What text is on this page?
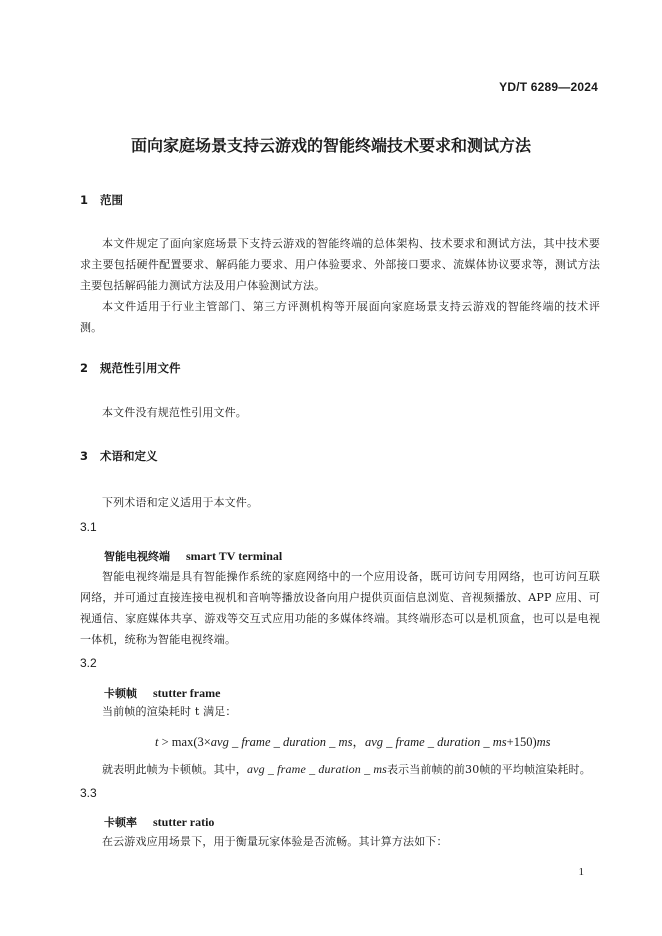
YD/T 6289—2024
面向家庭场景支持云游戏的智能终端技术要求和测试方法
1 范围

本文件规定了面向家庭场景下支持云游戏的智能终端的总体架构、技术要求和测试方法，其中技术要求主要包括硬件配置要求、解码能力要求、用户体验要求、外部接口要求、流媒体协议要求等，测试方法主要包括解码能力测试方法及用户体验测试方法。

本文件适用于行业主管部门、第三方评测机构等开展面向家庭场景支持云游戏的智能终端的技术评测。

2 规范性引用文件

本文件没有规范性引用文件。

3 术语和定义

下列术语和定义适用于本文件。

3.1
智能电视终端 smart TV terminal

智能电视终端是具有智能操作系统的家庭网络中的一个应用设备，既可访问专用网络，也可访问互联网络，并可通过直接连接电视机和音响等播放设备向用户提供页面信息浏览、音视频播放、APP 应用、可视通信、家庭媒体共享、游戏等交互式应用功能的多媒体终端。其终端形态可以是机顶盒，也可以是电视一体机，统称为智能电视终端。

3.2
卡顿帧 stutter frame

当前帧的渲染耗时 t 满足：

t > max(3×avg _ frame _ duration _ ms，avg _ frame _ duration _ ms+150)ms

就表明此帧为卡顿帧。其中，avg _ frame _ duration _ ms表示当前帧的前30帧的平均帧渲染耗时。

3.3
卡顿率 stutter ratio

在云游戏应用场景下，用于衡量玩家体验是否流畅。其计算方法如下：

1
